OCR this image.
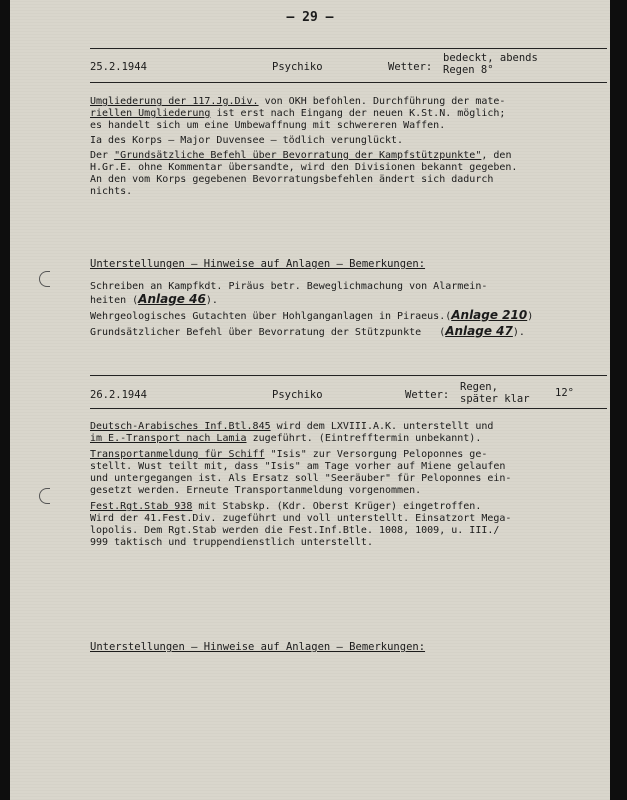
– 29 –
25.2.1944	Psychiko	Wetter:
bedeckt, abends
Regen 8°
Umgliederung der 117.Jg.Div. von OKH befohlen. Durchführung der mate-
riellen Umgliederung ist erst nach Eingang der neuen K.St.N. möglich;
es handelt sich um eine Umbewaffnung mit schwereren Waffen.
Ia des Korps – Major Duvensee – tödlich verunglückt.
Der "Grundsätzliche Befehl über Bevorratung der Kampfstützpunkte", den
H.Gr.E. ohne Kommentar übersandte, wird den Divisionen bekannt gegeben.
An den vom Korps gegebenen Bevorratungsbefehlen ändert sich dadurch
nichts.
Unterstellungen – Hinweise auf Anlagen – Bemerkungen:
Schreiben an Kampfkdt. Piräus betr. Beweglichmachung von Alarmein-
heiten (Anlage 46).
Wehrgeologisches Gutachten über Hohlganganlagen in Piraeus.(Anlage 210)
Grundsätzlicher Befehl über Bevorratung der Stützpunkte   (Anlage 47).
26.2.1944	Psychiko	Wetter:
Regen,
später klar 12°
Deutsch-Arabisches Inf.Btl.845 wird dem LXVIII.A.K. unterstellt und
im E.-Transport nach Lamia zugeführt. (Eintrefftermin unbekannt).
Transportanmeldung für Schiff "Isis" zur Versorgung Peloponnes ge-
stellt. Wust teilt mit, dass "Isis" am Tage vorher auf Miene gelaufen
und untergegangen ist. Als Ersatz soll "Seeräuber" für Peloponnes ein-
gesetzt werden. Erneute Transportanmeldung vorgenommen.
Fest.Rgt.Stab 938 mit Stabskp. (Kdr. Oberst Krüger) eingetroffen.
Wird der 41.Fest.Div. zugeführt und voll unterstellt. Einsatzort Mega-
lopolis. Dem Rgt.Stab werden die Fest.Inf.Btle. 1008, 1009, u. III./
999 taktisch und truppendienstlich unterstellt.
Unterstellungen – Hinweise auf Anlagen – Bemerkungen:
